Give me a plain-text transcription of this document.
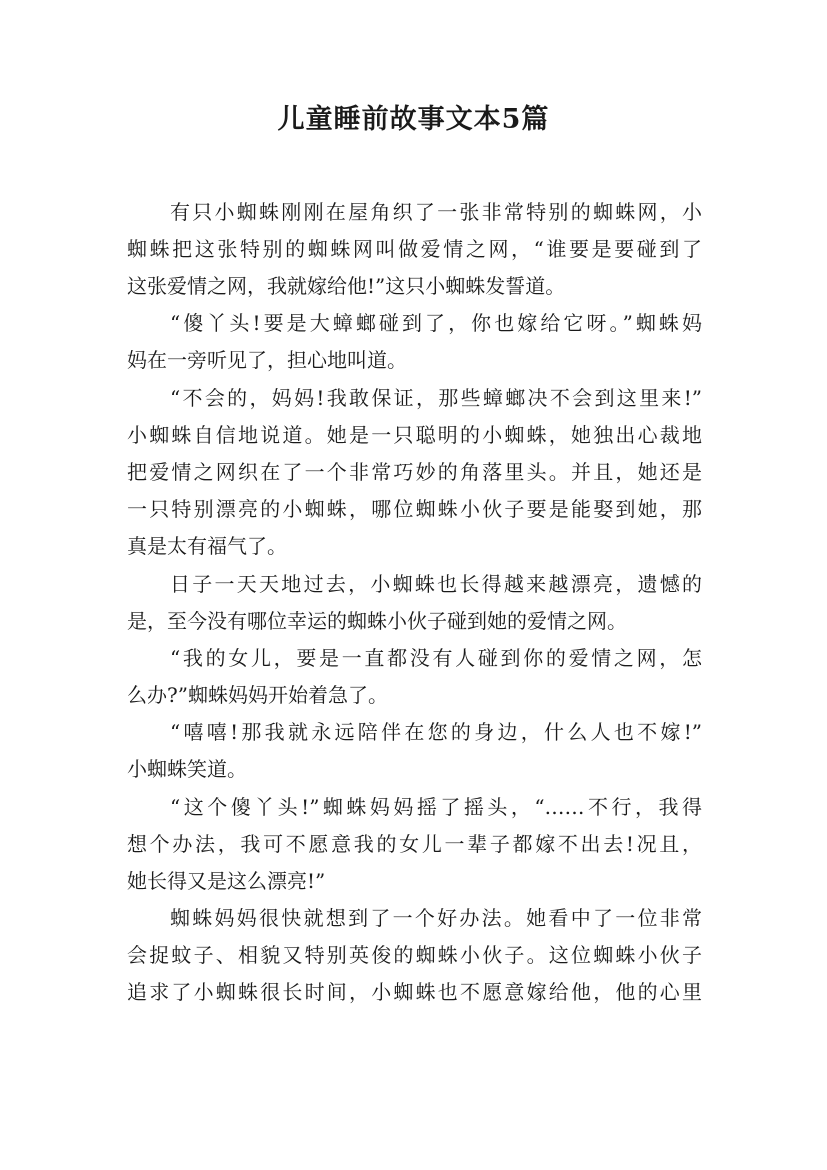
儿童睡前故事文本5篇
有只小蜘蛛刚刚在屋角织了一张非常特别的蜘蛛网，小
蜘蛛把这张特别的蜘蛛网叫做爱情之网，“谁要是要碰到了
这张爱情之网，我就嫁给他!”这只小蜘蛛发誓道。
“傻丫头!要是大蟑螂碰到了，你也嫁给它呀。”蜘蛛妈
妈在一旁听见了，担心地叫道。
“不会的，妈妈!我敢保证，那些蟑螂决不会到这里来!”
小蜘蛛自信地说道。她是一只聪明的小蜘蛛，她独出心裁地
把爱情之网织在了一个非常巧妙的角落里头。并且，她还是
一只特别漂亮的小蜘蛛，哪位蜘蛛小伙子要是能娶到她，那
真是太有福气了。
日子一天天地过去，小蜘蛛也长得越来越漂亮，遗憾的
是，至今没有哪位幸运的蜘蛛小伙子碰到她的爱情之网。
“我的女儿，要是一直都没有人碰到你的爱情之网，怎
么办?”蜘蛛妈妈开始着急了。
“嘻嘻!那我就永远陪伴在您的身边，什么人也不嫁!”
小蜘蛛笑道。
“这个傻丫头!”蜘蛛妈妈摇了摇头，“……不行，我得
想个办法，我可不愿意我的女儿一辈子都嫁不出去!况且，
她长得又是这么漂亮!”
蜘蛛妈妈很快就想到了一个好办法。她看中了一位非常
会捉蚊子、相貌又特别英俊的蜘蛛小伙子。这位蜘蛛小伙子
追求了小蜘蛛很长时间，小蜘蛛也不愿意嫁给他，他的心里
